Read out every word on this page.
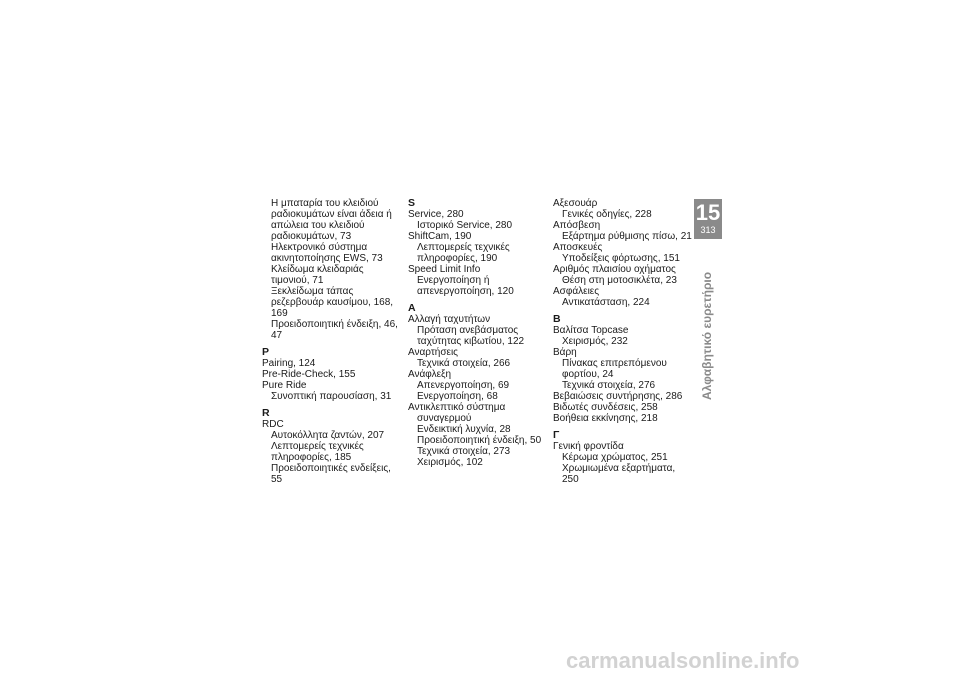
Η μπαταρία του κλειδιού ραδιοκυμάτων είναι άδεια ή απώλεια του κλειδιού ραδιοκυμάτων, 73
Ηλεκτρονικό σύστημα ακινητοποίησης EWS, 73
Κλείδωμα κλειδαριάς τιμονιού, 71
Ξεκλείδωμα τάπας ρεζερβουάρ καυσίμου, 168, 169
Προειδοποιητική ένδειξη, 46, 47
P
Pairing, 124
Pre-Ride-Check, 155
Pure Ride
Συνοπτική παρουσίαση, 31
R
RDC
Αυτοκόλλητα ζαντών, 207
Λεπτομερείς τεχνικές πληροφορίες, 185
Προειδοποιητικές ενδείξεις, 55
S
Service, 280
Ιστορικό Service, 280
ShiftCam, 190
Λεπτομερείς τεχνικές πληροφορίες, 190
Speed Limit Info
Ενεργοποίηση ή απενεργοποίηση, 120
Α
Αλλαγή ταχυτήτων
Πρόταση ανεβάσματος ταχύτητας κιβωτίου, 122
Αναρτήσεις
Τεχνικά στοιχεία, 266
Ανάφλεξη
Απενεργοποίηση, 69
Ενεργοποίηση, 68
Αντικλεπτικό σύστημα
συναγερμού
Ενδεικτική λυχνία, 28
Προειδοποιητική ένδειξη, 50
Τεχνικά στοιχεία, 273
Χειρισμός, 102
Αξεσουάρ
Γενικές οδηγίες, 228
Απόσβεση
Εξάρτημα ρύθμισης πίσω, 21
Αποσκευές
Υποδείξεις φόρτωσης, 151
Αριθμός πλαισίου οχήματος
Θέση στη μοτοσικλέτα, 23
Ασφάλειες
Αντικατάσταση, 224
Β
Βαλίτσα Topcase
Χειρισμός, 232
Βάρη
Πίνακας επιτρεπόμενου φορτίου, 24
Τεχνικά στοιχεία, 276
Βεβαιώσεις συντήρησης, 286
Βιδωτές συνδέσεις, 258
Βοήθεια εκκίνησης, 218
Γ
Γενική φροντίδα
Κέρωμα χρώματος, 251
Χρωμιωμένα εξαρτήματα, 250
15
313
Αλφαβητικό ευρετήριο
carmanualsonline.info
